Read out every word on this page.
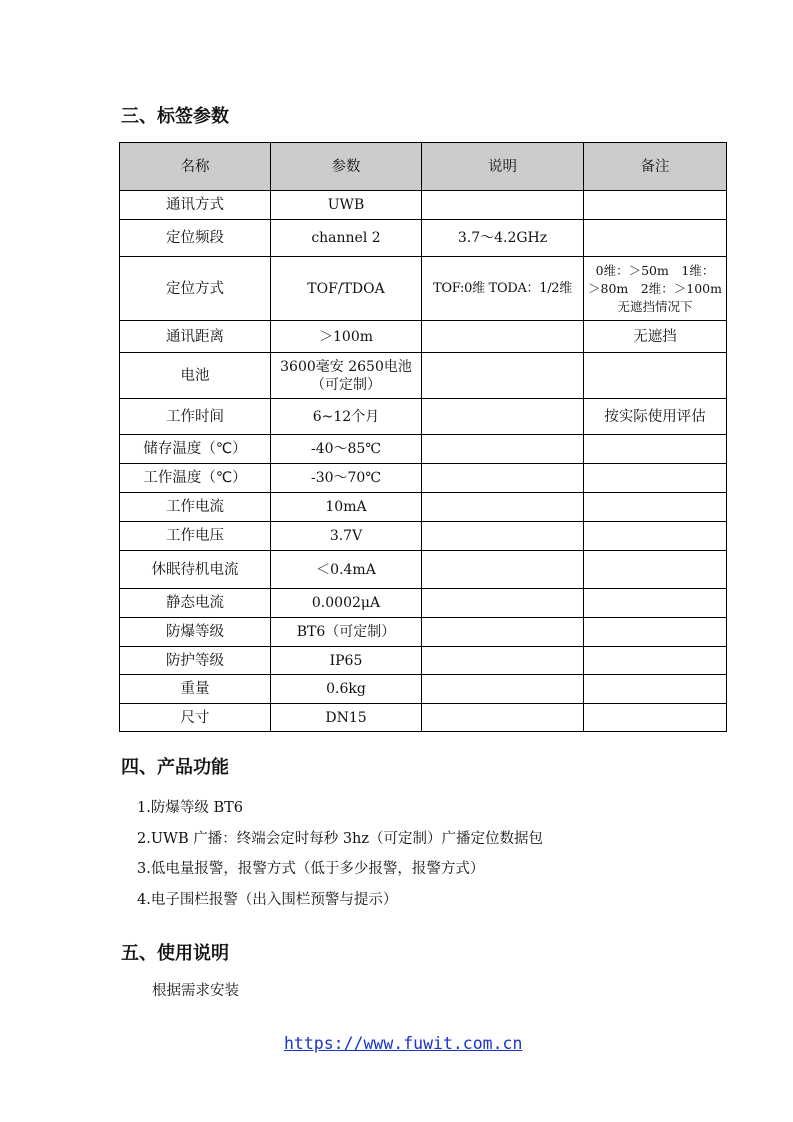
三、标签参数
名称	参数	说明	备注
通讯方式	UWB		
定位频段	channel 2	3.7～4.2GHz	
定位方式	TOF/TDOA	TOF:0维 TODA：1/2维	0维：＞50m　1维：
＞80m　2维：＞100m
无遮挡情况下

通讯距离	＞100m		无遮挡
电池	3600毫安 2650电池
（可定制）		

工作时间	6~12个月		按实际使用评估
储存温度（℃）	-40～85℃		
工作温度（℃）	-30～70℃		
工作电流	10mA		
工作电压	3.7V		
休眠待机电流	＜0.4mA		
静态电流	0.0002μA		
防爆等级	BT6（可定制）		
防护等级	IP65		
重量	0.6kg		
尺寸	DN15		
四、产品功能

1.防爆等级 BT6

2.UWB 广播：终端会定时每秒 3hz（可定制）广播定位数据包

3.低电量报警，报警方式（低于多少报警，报警方式）

4.电子围栏报警（出入围栏预警与提示）

五、使用说明

根据需求安装

https://www.fuwit.com.cn
